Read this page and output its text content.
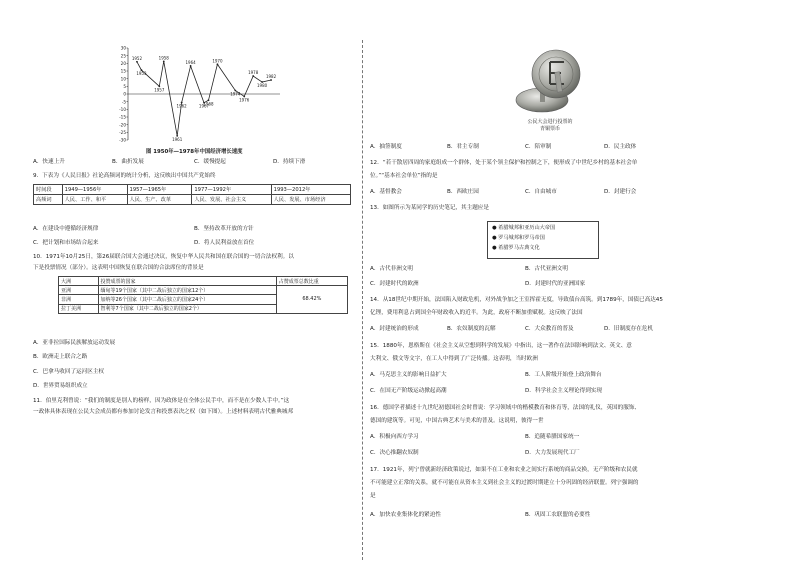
30
25
20
15
10
5
0
-5
-10
-15
-20
-25
-30
1952
1953
1957
1958
1961
1962
1964
1967
1968
1970
1974
1976
1978
1980
1982
图 1950年—1978年中国经济增长速度
A．快速上升	B．曲折发展	C．缓慢提起	D．持续下滑
9．下表为《人民日报》社论高频词的统计分析，这反映出中国共产党始终
时间段	1949—1956年	1957—1965年	1977—1992年	1993—2012年
高频词	人民、工作、和平	人民、生产、改革	人民、发展、社会主义	人民、发展、市场经济
A．在建设中遵循经济规律	B．坚持改革开放的方针
C．把计划和市场结合起来	D．将人民利益放在首位
10．1971年10月25日，第26届联合国大会通过决议，恢复中华人民共和国在联合国的一切合法权利。以
下是投票情况（部分）。这表明中国恢复在联合国的合法席位的背景是
大洲	投赞成票的国家	占赞成票总数比重
亚洲	缅甸等19个国家（其中二战后独立的国家12个）	68.42%
非洲	加纳等26个国家（其中二战后独立的国家24个）	
拉丁美洲	智利等7个国家（其中二战后独立的国家2个）	
A．亚非拉国际民族解放运动发展
B．欧洲走上联合之路
C．巴拿马收回了运河区主权
D．世界贸易组织成立
11．伯里克利曾说：“我们的制度是别人的榜样，因为政体是在全体公民手中，而不是在少数人手中。”这
一政体具体表现在公民大会成员都有参加讨论发言和投票表决之权（如下图）。上述材料表明古代雅典城邦
公民大会进行投票的
青铜票币
A．抽签制度	B．君主专制	C．陪审制	D．民主政体
12．“若干散居四周的家庭组成一个群体，处于某个领主保护和控制之下，便形成了中世纪乡村的基本社会单
位。”“基本社会单位”指的是
A．基督教会	B．西欧庄园	C．自由城市	D．封建行会
13．如图所示为某同学的历史笔记，其主题应是
● 希腊城邦和亚历山大帝国
● 罗马城邦和罗马帝国
● 希腊罗马古典文化
A．古代非洲文明	B．古代亚洲文明
C．封建时代的欧洲	D．封建时代的亚洲国家
14．从18世纪中期开始，法国陷入财政危机，对外战争加之王室挥霍无度，导致债台高筑。到1789年，国债已高达45
亿锂，费用利息占到国全年财政收入的近半。为此，政府不断加重赋税。这反映了法国
A．封建统治的形成	B．农奴制度的瓦解	C．大众教育的普及	D．旧制度存在危机
15．1880年，恩格斯在《社会主义从空想到科学的发展》中指出，这一著作在法国影响到法文、英文、意
大利文、俄文等文字，在工人中得到了广泛传播。这表明，当时欧洲
A．马克思主义的影响日益扩大	B．工人阶级开始登上政治舞台
C．在国无产阶级运动掀起高潮	D．科学社会主义理论得到实现
16．德国学者描述十九世纪初德国社会时曾说：学习领域中的楷模教育和体育等，法国的礼仪，英国的服饰、
德国的建筑等。可见，中国古典艺术与美术的普及。这说明，彼得一世
A．积极向西方学习	B．追随希腊国家统一
C．决心推翻农奴制	D．大力发展现代工厂
17．1921年，列宁曾就新经济政策说过，如果不在工业和农业之间实行系统的商品交换，无产阶级和农民就
不可能建立正常的关系，就不可能在从资本主义到社会主义的过渡时期建立十分巩固的经济联盟。列宁强调的
是
A．加快农业集体化的紧迫性	B．巩固工农联盟的必要性
